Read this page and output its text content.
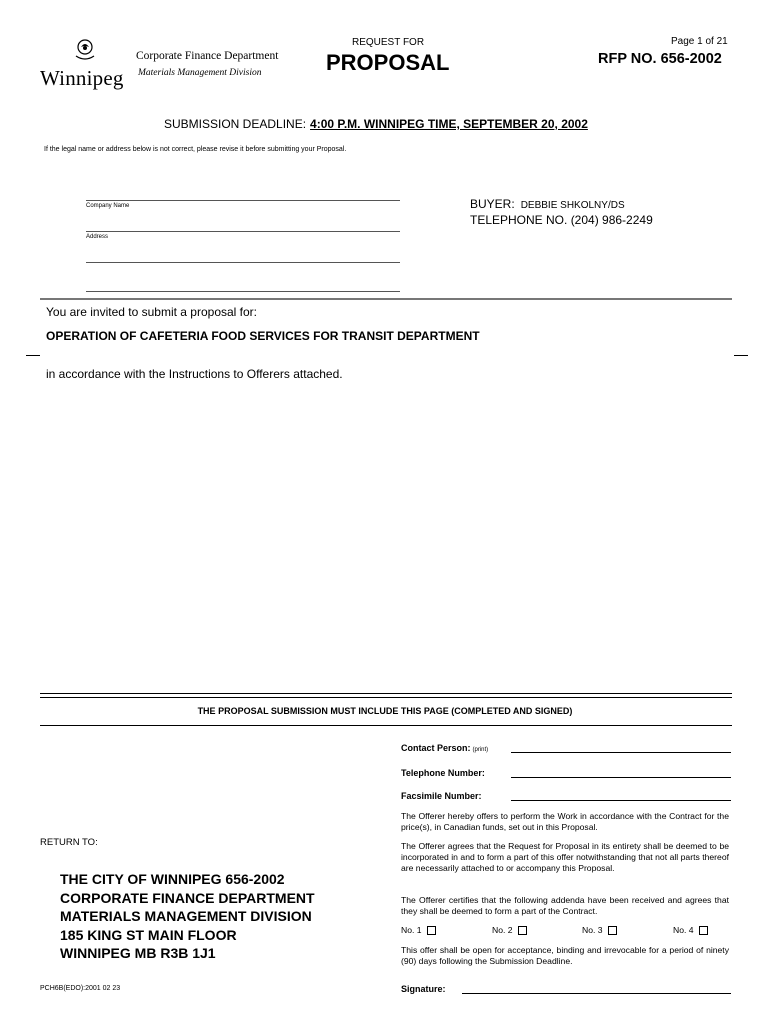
Winnipeg
Corporate Finance Department
Materials Management Division
REQUEST FOR
PROPOSAL
Page 1 of 21
RFP NO. 656-2002
SUBMISSION DEADLINE: 4:00 P.M. WINNIPEG TIME, SEPTEMBER 20, 2002
If the legal name or address below is not correct, please revise it before submitting your Proposal.
Company Name
Address
BUYER: DEBBIE SHKOLNY/DS
TELEPHONE NO. (204) 986-2249
You are invited to submit a proposal for:
OPERATION OF CAFETERIA FOOD SERVICES FOR TRANSIT DEPARTMENT
in accordance with the Instructions to Offerers attached.
THE PROPOSAL SUBMISSION MUST INCLUDE THIS PAGE (COMPLETED AND SIGNED)
Contact Person: (print)
Telephone Number:
Facsimile Number:
The Offerer hereby offers to perform the Work in accordance with the Contract for the price(s), in Canadian funds, set out in this Proposal.
The Offerer agrees that the Request for Proposal in its entirety shall be deemed to be incorporated in and to form a part of this offer notwithstanding that not all parts thereof are necessarily attached to or accompany this Proposal.
The Offerer certifies that the following addenda have been received and agrees that they shall be deemed to form a part of the Contract.
No. 1	No. 2	No. 3	No. 4
This offer shall be open for acceptance, binding and irrevocable for a period of ninety (90) days following the Submission Deadline.
RETURN TO:
THE CITY OF WINNIPEG 656-2002
CORPORATE FINANCE DEPARTMENT
MATERIALS MANAGEMENT DIVISION
185 KING ST MAIN FLOOR
WINNIPEG MB R3B 1J1
PCH6B(EDO):2001 02 23	Signature:
